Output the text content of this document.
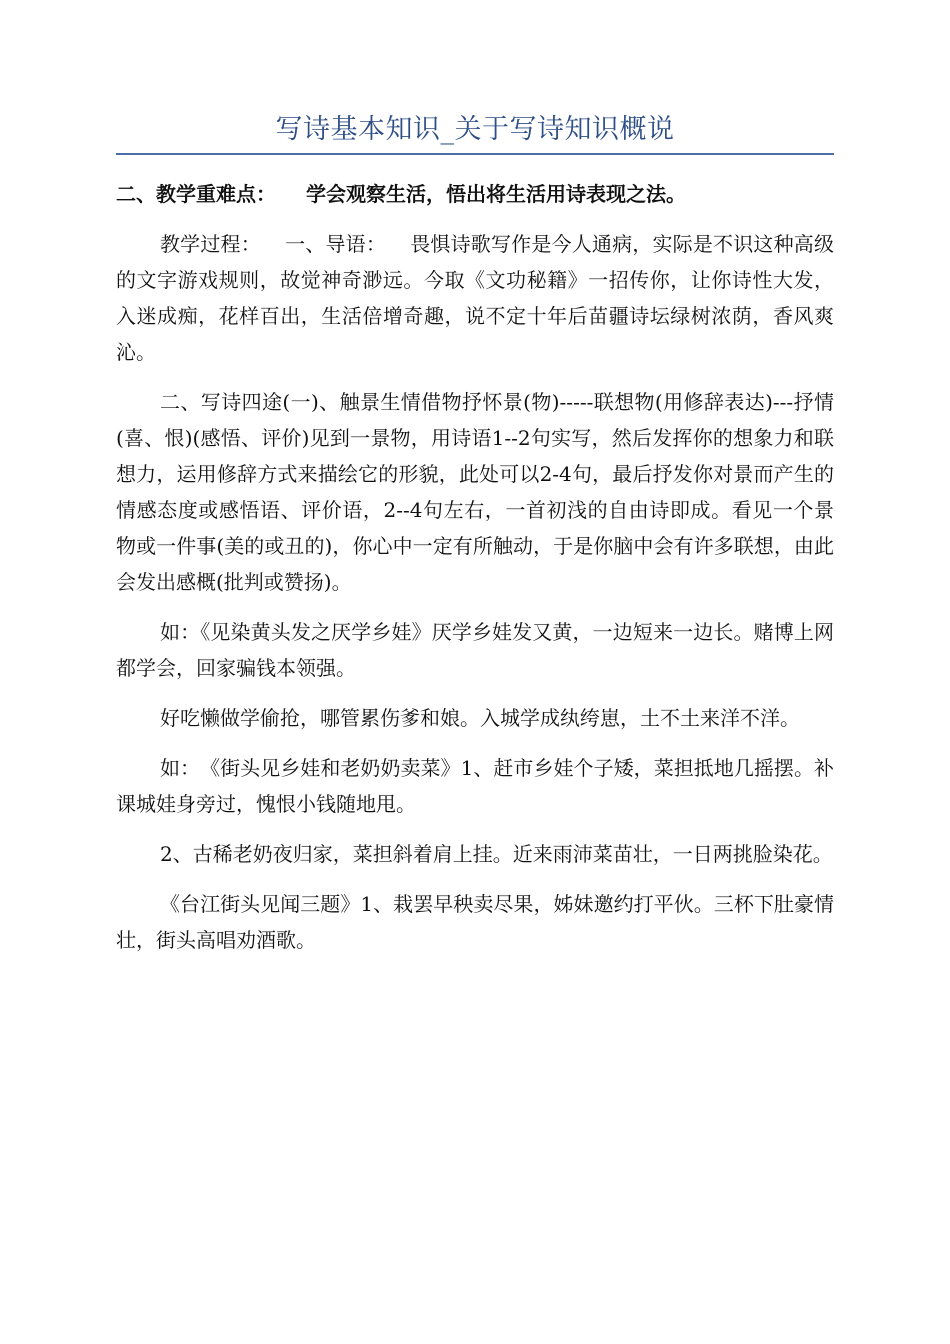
写诗基本知识_关于写诗知识概说
二、教学重难点： 学会观察生活，悟出将生活用诗表现之法。

教学过程： 一、导语： 畏惧诗歌写作是今人通病，实际是不识这种高级的文字游戏规则，故觉神奇渺远。今取《文功秘籍》一招传你，让你诗性大发，入迷成痴，花样百出，生活倍增奇趣，说不定十年后苗疆诗坛绿树浓荫，香风爽沁。

二、写诗四途(一)、触景生情借物抒怀景(物)-----联想物(用修辞表达)---抒情(喜、恨)(感悟、评价)见到一景物，用诗语1--2句实写，然后发挥你的想象力和联想力，运用修辞方式来描绘它的形貌，此处可以2-4句，最后抒发你对景而产生的情感态度或感悟语、评价语，2--4句左右，一首初浅的自由诗即成。看见一个景物或一件事(美的或丑的)，你心中一定有所触动，于是你脑中会有许多联想，由此会发出感概(批判或赞扬)。

如：《见染黄头发之厌学乡娃》厌学乡娃发又黄，一边短来一边长。赌博上网都学会，回家骗钱本领强。

好吃懒做学偷抢，哪管累伤爹和娘。入城学成纨绔崽，土不土来洋不洋。

如：　《街头见乡娃和老奶奶卖菜》1、赶市乡娃个子矮，菜担抵地几摇摆。补课城娃身旁过，愧恨小钱随地甩。

2、古稀老奶夜归家，菜担斜着肩上挂。近来雨沛菜苗壮，一日两挑脸染花。

《台江街头见闻三题》1、栽罢早秧卖尽果，姊妹邀约打平伙。三杯下肚豪情壮，街头高唱劝酒歌。
